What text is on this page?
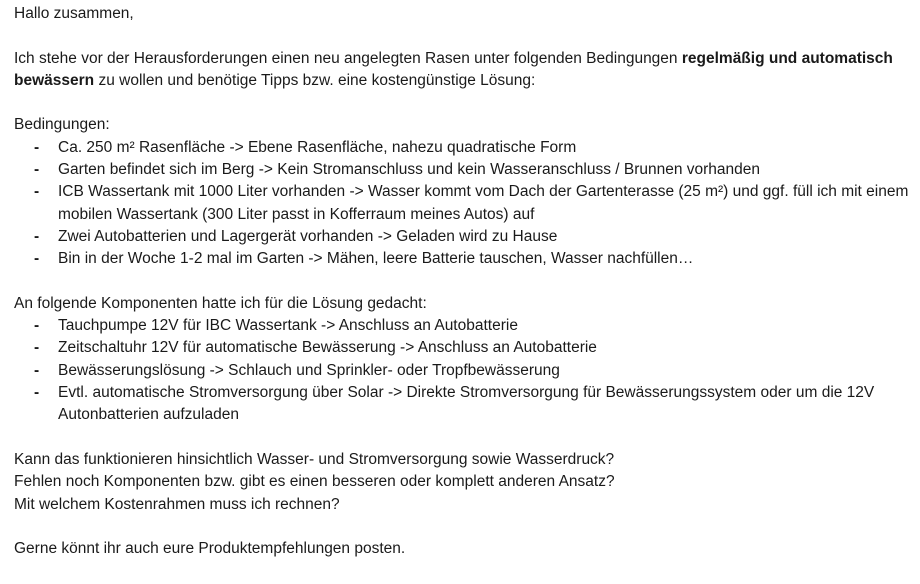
Hallo zusammen,

Ich stehe vor der Herausforderungen einen neu angelegten Rasen unter folgenden Bedingungen regelmäßig und automatisch bewässern zu wollen und benötige Tipps bzw. eine kostengünstige Lösung:

Bedingungen:

- Ca. 250 m² Rasenfläche -> Ebene Rasenfläche, nahezu quadratische Form
- Garten befindet sich im Berg -> Kein Stromanschluss und kein Wasseranschluss / Brunnen vorhanden
- ICB Wassertank mit 1000 Liter vorhanden -> Wasser kommt vom Dach der Gartenterasse (25 m²) und ggf. füll ich mit einem mobilen Wassertank (300 Liter passt in Kofferraum meines Autos) auf
- Zwei Autobatterien und Lagergerät vorhanden -> Geladen wird zu Hause
- Bin in der Woche 1-2 mal im Garten -> Mähen, leere Batterie tauschen, Wasser nachfüllen…

An folgende Komponenten hatte ich für die Lösung gedacht:

- Tauchpumpe 12V für IBC Wassertank -> Anschluss an Autobatterie
- Zeitschaltuhr 12V für automatische Bewässerung -> Anschluss an Autobatterie
- Bewässerungslösung -> Schlauch und Sprinkler- oder Tropfbewässerung
- Evtl. automatische Stromversorgung über Solar -> Direkte Stromversorgung für Bewässerungssystem oder um die 12V Autonbatterien aufzuladen

Kann das funktionieren hinsichtlich Wasser- und Stromversorgung sowie Wasserdruck?

Fehlen noch Komponenten bzw. gibt es einen besseren oder komplett anderen Ansatz?

Mit welchem Kostenrahmen muss ich rechnen?

Gerne könnt ihr auch eure Produktempfehlungen posten.
